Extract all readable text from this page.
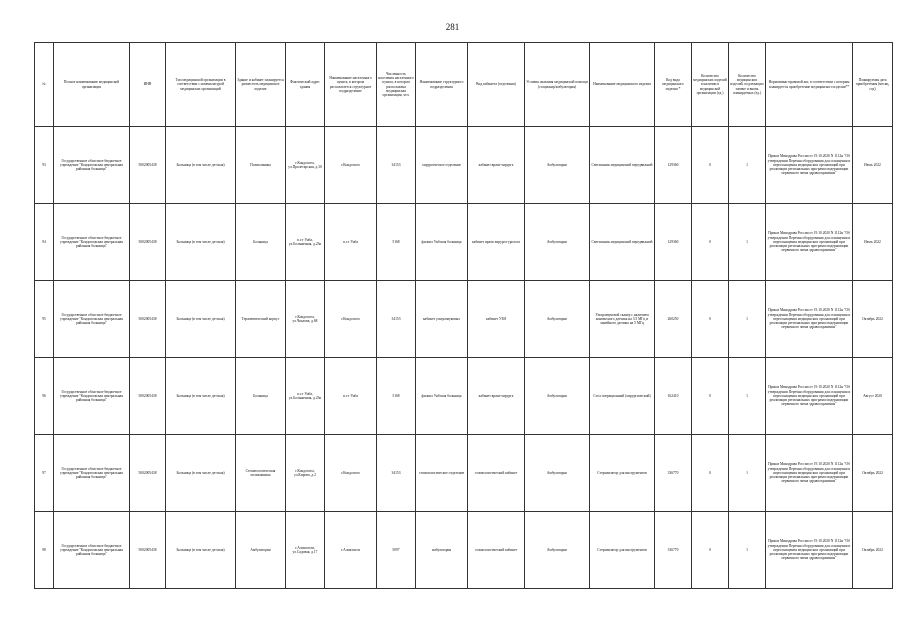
281
№	Полное наименование медицинской организации	ИНН	Тип медицинской организации в соответствии с номенклатурой медицинских организаций	Здание и кабинет планируется разместить медицинское изделие	Фактический адрес здания	Наименование населенного пункта, в котором располагается структурное подразделение	Численность населения населенного пункта, в котором расположена медицинская организация, чел.	Наименование структурного подразделения	Вид кабинета (отделения)	Условия оказания медицинской помощи (стационар/амбулатория)	Наименование медицинского изделия	Код вида медицинского изделия *	Количество медицинских изделий в наличии в медицинской организации (ед.)	Количество медицинских изделий, подлежащих замене и вновь планируемых (ед.)	Нормативно-правовой акт, в соответствии с которым планируется приобретение медицинского изделия**	Планируемая дата приобретения (месяц, год)
93	Государственное областное бюджетное учреждение "Кондопожская центральная районная больница"	5002005438	Больница (в том числе детская)	Поликлиника	г.Кондопога, ул.Пролетарская, д.30	г.Кондопога	34153	хирургическое отделение	кабинет врача-хирурга	Амбулаторно	Светильник медицинский передвижной	129360	0	1	Приказ Минздрава России от 19.10.2020 N 1112н "Об утверждении Перечня оборудования для оснащения и переоснащения медицинских организаций при реализации региональных программ модернизации первичного звена здравоохранения"	Июль 2022
94	Государственное областное бюджетное учреждение "Кондопожская центральная районная больница"	5002005438	Больница (в том числе детская)	Больница	п.г.т Унба, ул.Больничная, д.23в	п.г.т Унба	5168	филиал Унбская больница	кабинет врача-хирурга-уролога	Амбулаторно	Светильник медицинский передвижной	129360	0	1	Приказ Минздрава России от 19.10.2020 N 1112н "Об утверждении Перечня оборудования для оснащения и переоснащения медицинских организаций при реализации региональных программ модернизации первичного звена здравоохранения"	Июль 2022
95	Государственное областное бюджетное учреждение "Кондопожская центральная районная больница"	5002005438	Больница (в том числе детская)	Терапевтический корпус	г.Кондопога, ул.Чкалова, д.68	г.Кондопога	34153	кабинет ультразвуковых	кабинет УЗИ	Амбулаторно	Ультразвуковой сканер с наличием конвексного датчика на 3.5 МГц и линейного датчика на 5 МГц	260250	0	1	Приказ Минздрава России от 19.10.2020 N 1112н "Об утверждении Перечня оборудования для оснащения и переоснащения медицинских организаций при реализации региональных программ модернизации первичного звена здравоохранения"	Октябрь 2022
96	Государственное областное бюджетное учреждение "Кондопожская центральная районная больница"	5002005438	Больница (в том числе детская)	Больница	п.г.т Унба, ул.Больничная, д.23в	п.г.т Унба	5168	филиал Унбская больница	кабинет врача-хирурга	Амбулаторно	Стол операционный (хирургический)	162410	0	1	Приказ Минздрава России от 19.10.2020 N 1112н "Об утверждении Перечня оборудования для оснащения и переоснащения медицинских организаций при реализации региональных программ модернизации первичного звена здравоохранения"	Август 2020
97	Государственное областное бюджетное учреждение "Кондопожская центральная районная больница"	5002005438	Больница (в том числе детская)	Стоматологическая поликлиника	г.Кондопога, ул.Кирова, д.2	г.Кондопога	34153	стоматологическое отделение	стоматологический кабинет	Амбулаторно	Стерилизатор для инструментов	336770	0	1	Приказ Минздрава России от 19.10.2020 N 1112н "Об утверждении Перечня оборудования для оснащения и переоснащения медицинских организаций при реализации региональных программ модернизации первичного звена здравоохранения"	Октябрь 2022
98	Государственное областное бюджетное учреждение "Кондопожская центральная районная больница"	5002005438	Больница (в том числе детская)	Амбулатория	г.Алмазсити, ул.Садовая, д.17	г.Алмазсити	5097	амбулатория	стоматологический кабинет	Амбулаторно	Стерилизатор для инструментов	336770	0	1	Приказ Минздрава России от 19.10.2020 N 1112н "Об утверждении Перечня оборудования для оснащения и переоснащения медицинских организаций при реализации региональных программ модернизации первичного звена здравоохранения"	Октябрь 2022
